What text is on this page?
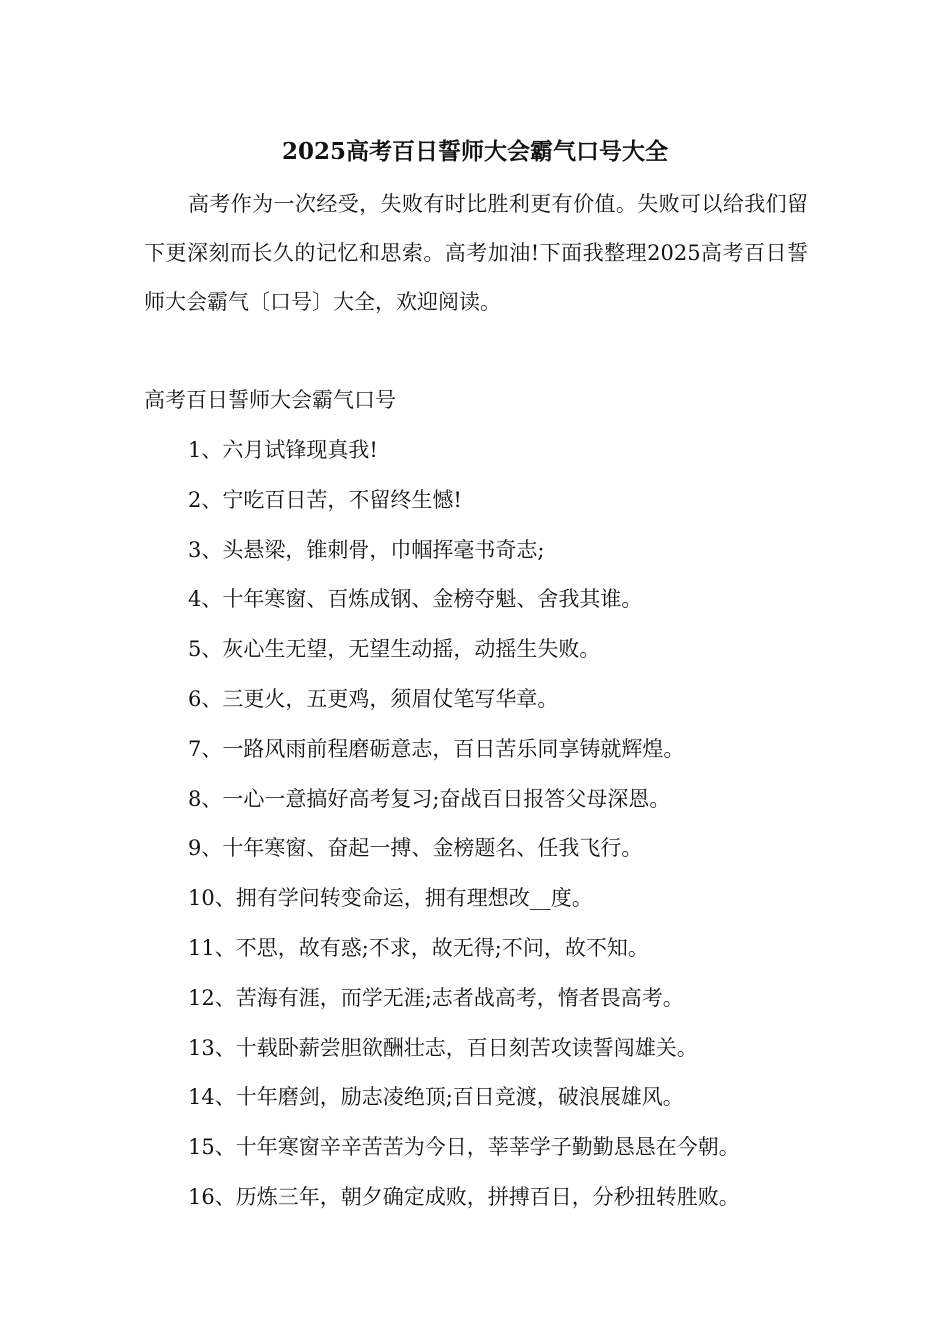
2025高考百日誓师大会霸气口号大全

高考作为一次经受，失败有时比胜利更有价值。失败可以给我们留下更深刻而长久的记忆和思索。高考加油!下面我整理2025高考百日誓师大会霸气〔口号〕大全，欢迎阅读。

高考百日誓师大会霸气口号
1、六月试锋现真我!
2、宁吃百日苦，不留终生憾!
3、头悬梁，锥刺骨，巾帼挥毫书奇志;
4、十年寒窗、百炼成钢、金榜夺魁、舍我其谁。
5、灰心生无望，无望生动摇，动摇生失败。
6、三更火，五更鸡，须眉仗笔写华章。
7、一路风雨前程磨砺意志，百日苦乐同享铸就辉煌。
8、一心一意搞好高考复习;奋战百日报答父母深恩。
9、十年寒窗、奋起一搏、金榜题名、任我飞行。
10、拥有学问转变命运，拥有理想改__度。
11、不思，故有惑;不求，故无得;不问，故不知。
12、苦海有涯，而学无涯;志者战高考，惰者畏高考。
13、十载卧薪尝胆欲酬壮志，百日刻苦攻读誓闯雄关。
14、十年磨剑，励志凌绝顶;百日竞渡，破浪展雄风。
15、十年寒窗辛辛苦苦为今日，莘莘学子勤勤恳恳在今朝。
16、历炼三年，朝夕确定成败，拼搏百日，分秒扭转胜败。
